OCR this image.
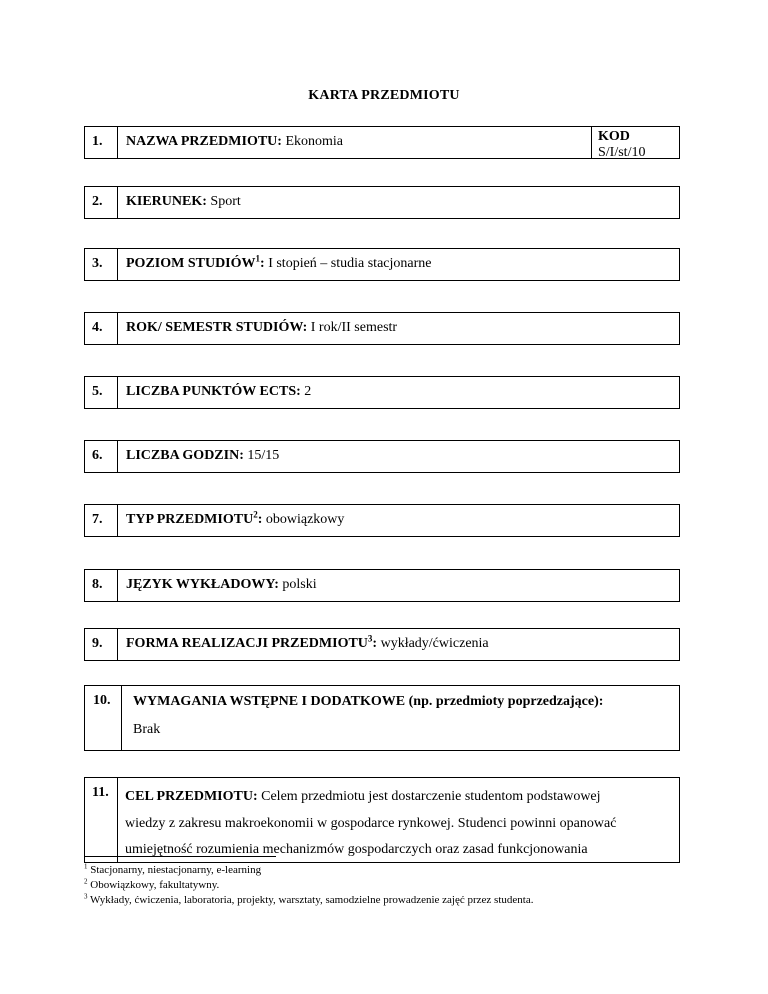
KARTA PRZEDMIOTU
1.	NAZWA PRZEDMIOTU: Ekonomia	KOD
S/I/st/10
2.	KIERUNEK: Sport
3.	POZIOM STUDIÓW$^1$: I stopień – studia stacjonarne
4.	ROK/ SEMESTR STUDIÓW: I rok/II semestr
5.	LICZBA PUNKTÓW ECTS: 2
6.	LICZBA GODZIN: 15/15
7.	TYP PRZEDMIOTU$^2$: obowiązkowy
8.	JĘZYK WYKŁADOWY: polski
9.	FORMA REALIZACJI PRZEDMIOTU$^3$: wykłady/ćwiczenia
10.	WYMAGANIA WSTĘPNE I DODATKOWE (np. przedmioty poprzedzające):
Brak
11.	CEL PRZEDMIOTU: Celem przedmiotu jest dostarczenie studentom podstawowej
wiedzy z zakresu makroekonomii w gospodarce rynkowej. Studenci powinni opanować
umiejętność rozumienia mechanizmów gospodarczych oraz zasad funkcjonowania
$^1$ Stacjonarny, niestacjonarny, e-learning
$^2$ Obowiązkowy, fakultatywny.
$^3$ Wykłady, ćwiczenia, laboratoria, projekty, warsztaty, samodzielne prowadzenie zajęć przez studenta.
